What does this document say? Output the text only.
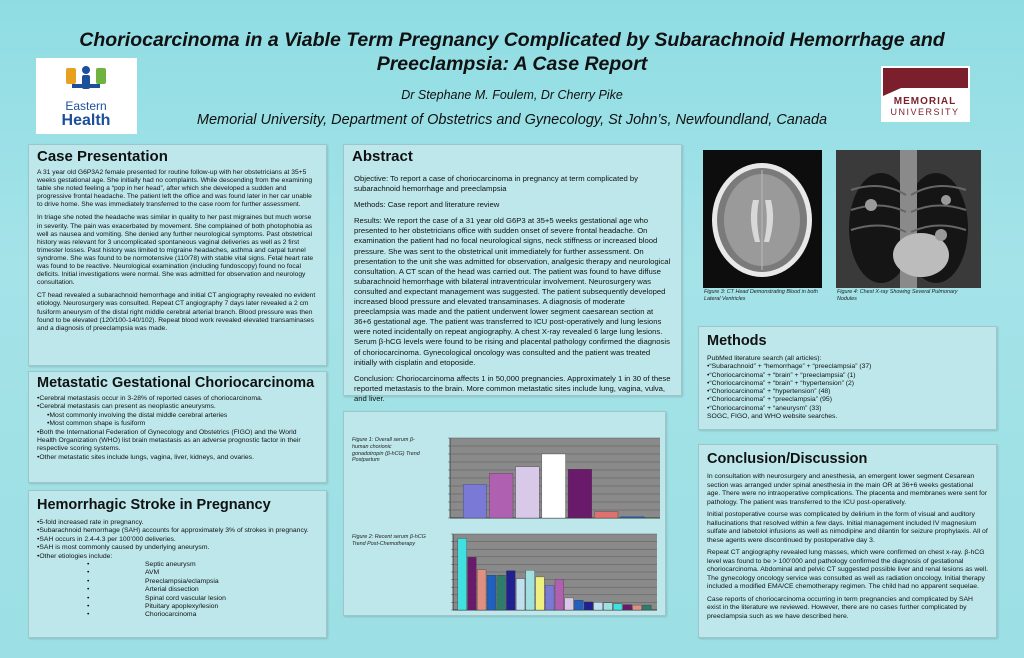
Choriocarcinoma in a Viable Term Pregnancy Complicated by Subarachnoid Hemorrhage and Preeclampsia: A Case Report
Eastern
Health
Dr Stephane M. Foulem, Dr Cherry Pike
Memorial University, Department of Obstetrics and Gynecology, St John’s, Newfoundland, Canada
MEMORIAL
UNIVERSITY
Case Presentation
A 31 year old G6P3A2 female presented for routine follow-up with her obstetricians at 35+5 weeks gestational age. She initially had no complaints. While descending from the examining table she noted feeling a “pop in her head”, after which she developed a sudden and progressive frontal headache. The patient left the office and was found later in her car unable to drive home. She was immediately transferred to the case room for further assessment.
In triage she noted the headache was similar in quality to her past migraines but much worse in severity. The pain was exacerbated by movement. She complained of both photophobia as well as nausea and vomiting. She denied any further neurological symptoms. Past obstetrical history was relevant for 3 uncomplicated spontaneous vaginal deliveries as well as 2 first trimester losses. Past history was limited to migraine headaches, asthma and carpal tunnel syndrome. She was found to be normotensive (110/78) with stable vital signs. Fetal heart rate was found to be reactive. Neurological examination (including fundoscopy) found no focal deficits. Initial investigations were normal. She was admitted for observation and neurology consultation.
CT head revealed a subarachnoid hemorrhage and initial CT angiography revealed no evident etiology. Neurosurgery was consulted. Repeat CT angiography 7 days later revealed a 2 cm fusiform aneurysm of the distal right middle cerebral arterial branch. Blood pressure was then found to be elevated (120/100-140/102). Repeat blood work revealed elevated transaminases and a diagnosis of preeclampsia was made.
Metastatic Gestational Choriocarcinoma
•Cerebral metastasis occur in 3-28% of reported cases of choriocarcinoma.
•Cerebral metastasis can present as neoplastic aneurysms.
•Most commonly involving the distal middle cerebral arteries
•Most common shape is fusiform
•Both the International Federation of Gynecology and Obstetrics (FIGO) and the World Health Organization (WHO) list brain metastasis as an adverse prognostic factor in their respective scoring systems.
•Other metastatic sites include lungs, vagina, liver, kidneys, and ovaries.
Hemorrhagic Stroke in Pregnancy
•5-fold increased rate in pregnancy.
•Subarachnoid hemorrhage (SAH) accounts for approximately 3% of strokes in pregnancy.
•SAH occurs in 2.4-4.3 per 100’000 deliveries.
•SAH is most commonly caused by underlying aneurysm.
•Other etiologies include:
•	Septic aneurysm
•	AVM
•	Preeclampsia/eclampsia
•	Arterial dissection
•	Spinal cord vascular lesion
•	Pituitary apoplexy/lesion
•	Choriocarcinoma
Abstract
Objective: To report a case of choriocarcinoma in pregnancy at term complicated by subarachnoid hemorrhage and preeclampsia
Methods: Case report and literature review
Results: We report the case of a 31 year old G6P3 at 35+5 weeks gestational age who presented to her obstetricians office with sudden onset of severe frontal headache. On examination the patient had no focal neurological signs, neck stiffness or increased blood pressure. She was sent to the obstetrical unit immediately for further assessment. On presentation to the unit she was admitted for observation, analgesic therapy and neurological consultation. A CT scan of the head was carried out. The patient was found to have diffuse subarachnoid hemorrhage with bilateral intraventricular involvement. Neurosurgery was consulted and expectant management was suggested. The patient subsequently developed increased blood pressure and elevated transaminases. A diagnosis of moderate preeclampsia was made and the patient underwent lower segment caesarean section at 36+6 gestational age. The patient was transferred to ICU post-operatively and lung lesions were noted incidentally on repeat angiography. A chest X-ray revealed 6 large lung lesions. Serum β-hCG levels were found to be rising and placental pathology confirmed the diagnosis of choriocarcinoma. Gynecological oncology was consulted and the patient was treated initially with cisplatin and etoposide.
Conclusion: Choriocarcinoma affects 1 in 50,000 pregnancies. Approximately 1 in 30 of these reported metastasis to the brain. More common metastatic sites include lung, vagina, vulva, and liver.
Figure 1: Overall serum β-human chorionic gonadotropin (β-hCG) Trend Postpartum
Figure 2: Recent serum β-hCG Trend Post-Chemotherapy
Figure 3: CT Head Demonstrating Blood in both Lateral Ventricles
Figure 4: Chest X-ray Showing Several Pulmonary Nodules
Methods
PubMed literature search (all articles):
•“Subarachnoid” + “hemorrhage” + “preeclampsia” (37)
•“Choriocarcinoma” + “brain” + “preeclampsia” (1)
•“Choriocarcinoma” + “brain” + “hypertension” (2)
•“Choriocarcinoma” + “hypertension” (48)
•“Choriocarcinoma” + “preeclampsia” (95)
•“Choriocarcinoma” + “aneurysm” (33)
SOGC, FIGO, and WHO website searches.
Conclusion/Discussion
In consultation with neurosurgery and anesthesia, an emergent lower segment Cesarean section was arranged under spinal anesthesia in the main OR at 36+6 weeks gestational age. There were no intraoperative complications. The placenta and membranes were sent for pathology. The patient was transferred to the ICU post-operatively.
Initial postoperative course was complicated by delirium in the form of visual and auditory hallucinations that resolved within a few days. Initial management included IV magnesium sulfate and labetolol infusions as well as nimodipine and dilantin for seizure prophylaxis. All of these agents were discontinued by postoperative day 3.
Repeat CT angiography revealed lung masses, which were confirmed on chest x-ray. β-hCG level was found to be > 100’000 and pathology confirmed the diagnosis of gestational choriocarcinoma. Abdominal and pelvic CT suggested possible liver and renal lesions as well. The gynecology oncology service was consulted as well as radiation oncology. Initial therapy included a modified EMA/CE chemotherapy regimen. The child had no apparent sequelae.
Case reports of choriocarcinoma occurring in term pregnancies and complicated by SAH exist in the literature we reviewed. However, there are no cases further complicated by preeclampsia such as we have described here.
